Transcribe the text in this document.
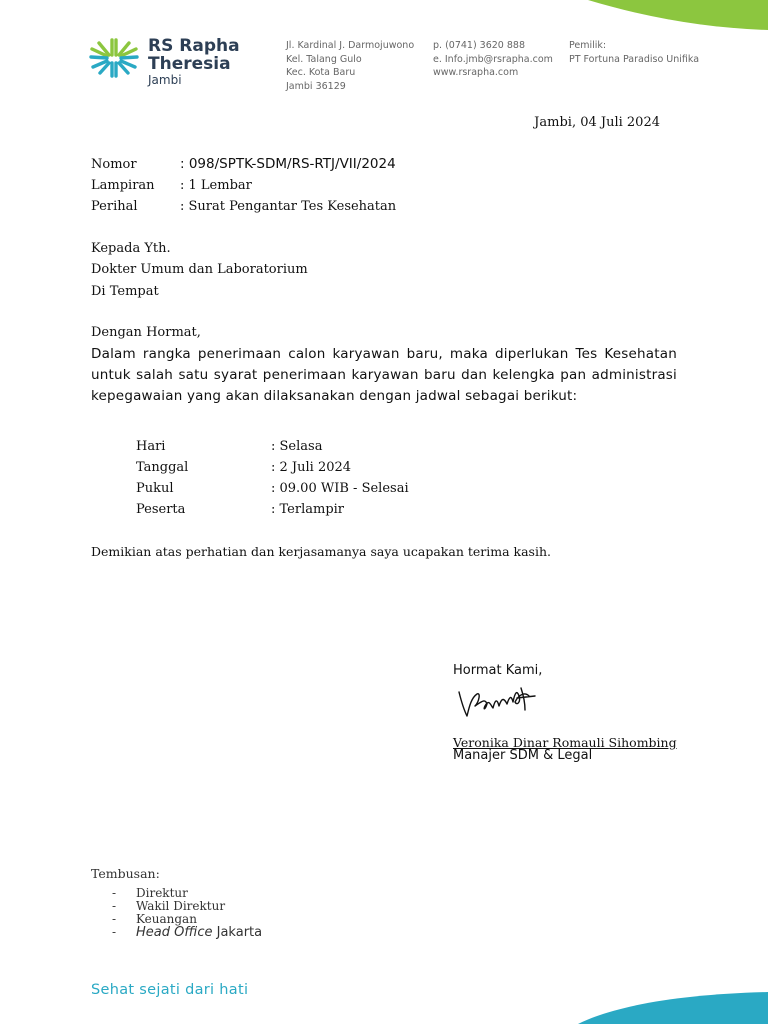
RS Rapha
Theresia
Jambi
Jl. Kardinal J. Darmojuwono
Kel. Talang Gulo
Kec. Kota Baru
Jambi 36129
p. (0741) 3620 888
e. Info.jmb@rsrapha.com
www.rsrapha.com
Pemilik:
PT Fortuna Paradiso Unifika
Jambi, 04 Juli 2024
Nomor	: 098/SPTK-SDM/RS-RTJ/VII/2024
Lampiran : 1 Lembar
Perihal	: Surat Pengantar Tes Kesehatan
Kepada Yth.
Dokter Umum dan Laboratorium
Di Tempat
Dengan Hormat,
Dalam rangka penerimaan calon karyawan baru, maka diperlukan Tes Kesehatan untuk salah satu syarat penerimaan karyawan baru dan kelengka pan administrasi kepegawaian yang akan dilaksanakan dengan jadwal sebagai berikut:
Hari	: Selasa
Tanggal	: 2 Juli 2024
Pukul	: 09.00 WIB - Selesai
Peserta	: Terlampir
Demikian atas perhatian dan kerjasamanya saya ucapakan terima kasih.
Hormat Kami,
Veronika Dinar Romauli Sihombing
Manajer SDM & Legal
Tembusan:
- Direktur
- Wakil Direktur
- Keuangan
- Head Office Jakarta
Sehat sejati dari hati
